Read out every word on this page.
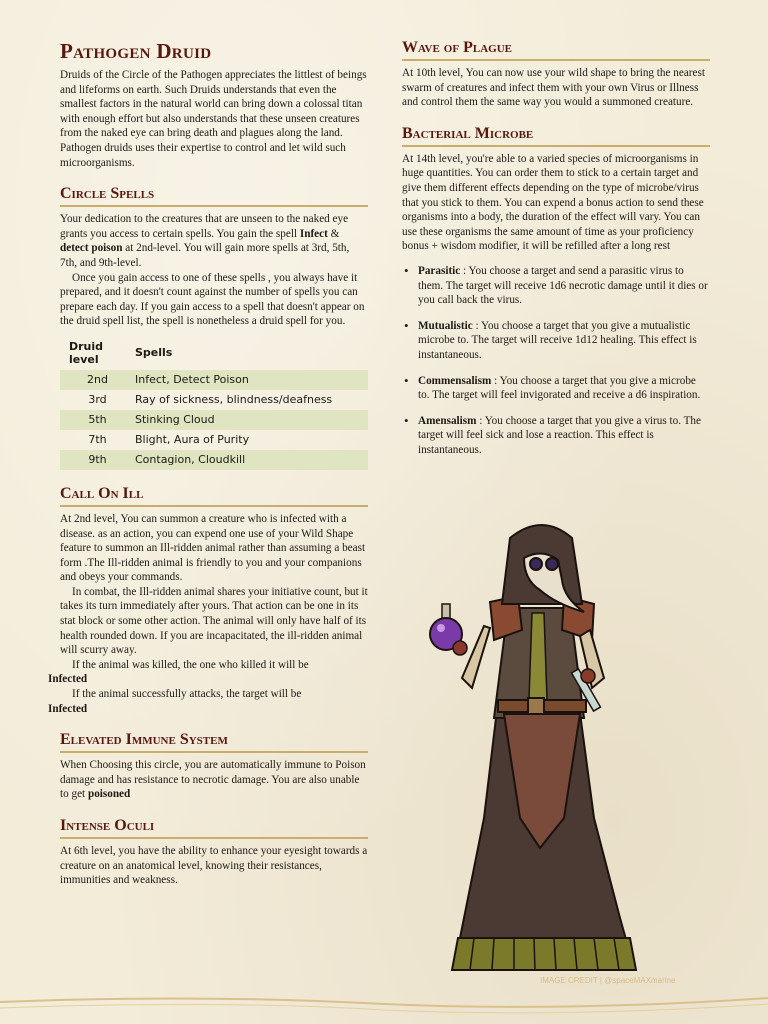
Pathogen Druid

Druids of the Circle of the Pathogen appreciates the littlest of beings and lifeforms on earth. Such Druids understands that even the smallest factors in the natural world can bring down a colossal titan with enough effort but also understands that these unseen creatures from the naked eye can bring death and plagues along the land. Pathogen druids uses their expertise to control and let wild such microorganisms.

Circle Spells

Your dedication to the creatures that are unseen to the naked eye grants you access to certain spells. You gain the spell Infect & detect poison at 2nd-level. You will gain more spells at 3rd, 5th, 7th, and 9th-level.

Once you gain access to one of these spells , you always have it prepared, and it doesn't count against the number of spells you can prepare each day. If you gain access to a spell that doesn't appear on the druid spell list, the spell is nonetheless a druid spell for you.

Druid level	Spells
2nd	Infect, Detect Poison
3rd	Ray of sickness, blindness/deafness
5th	Stinking Cloud
7th	Blight, Aura of Purity
9th	Contagion, Cloudkill
Call On Ill

At 2nd level, You can summon a creature who is infected with a disease. as an action, you can expend one use of your Wild Shape feature to summon an Ill-ridden animal rather than assuming a beast form .The Ill-ridden animal is friendly to you and your companions and obeys your commands.

In combat, the Ill-ridden animal shares your initiative count, but it takes its turn immediately after yours. That action can be one in its stat block or some other action. The animal will only have half of its health rounded down. If you are incapacitated, the ill-ridden animal will scurry away.

If the animal was killed, the one who killed it will be
Infected

If the animal successfully attacks, the target will be
Infected

Elevated Immune System

When Choosing this circle, you are automatically immune to Poison damage and has resistance to necrotic damage. You are also unable to get poisoned

Intense Oculi

At 6th level, you have the ability to enhance your eyesight towards a creature on an anatomical level, knowing their resistances, immunities and weakness.

Wave of Plague

At 10th level, You can now use your wild shape to bring the nearest swarm of creatures and infect them with your own Virus or Illness and control them the same way you would a summoned creature.

Bacterial Microbe

At 14th level, you're able to a varied species of microorganisms in huge quantities. You can order them to stick to a certain target and give them different effects depending on the type of microbe/virus that you stick to them. You can expend a bonus action to send these organisms into a body, the duration of the effect will vary. You can use these organisms the same amount of time as your proficiency bonus + wisdom modifier, it will be refilled after a long rest

• Parasitic : You choose a target and send a parasitic virus to them. The target will receive 1d6 necrotic damage until it dies or you call back the virus.
• Mutualistic : You choose a target that you give a mutualistic microbe to. The target will receive 1d12 healing. This effect is instantaneous.
• Commensalism : You choose a target that you give a microbe to. The target will feel invigorated and receive a d6 inspiration.
• Amensalism : You choose a target that you give a virus to. The target will feel sick and lose a reaction. This effect is instantaneous.
IMAGE CREDIT | @spaceMAXmarine
